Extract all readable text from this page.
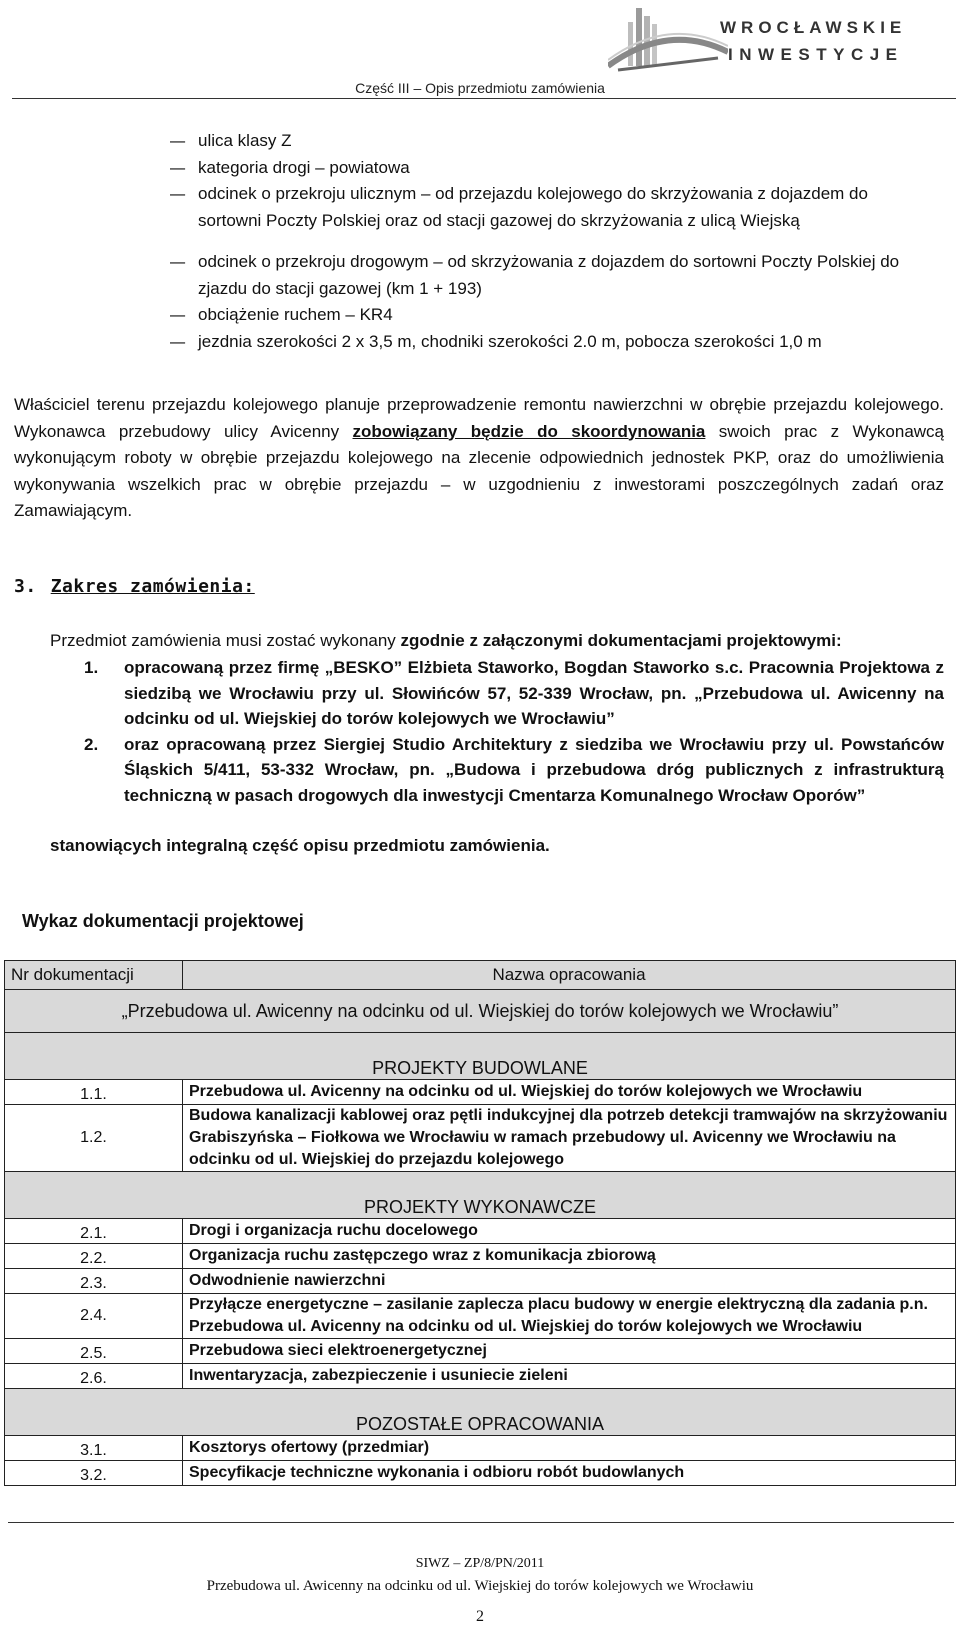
WROCŁAWSKIE
INWESTYCJE
Część III – Opis przedmiotu zamówienia
– ulica klasy Z
– kategoria drogi – powiatowa
– odcinek o przekroju ulicznym – od przejazdu kolejowego do skrzyżowania z dojazdem do sortowni Poczty Polskiej oraz od stacji gazowej do skrzyżowania z ulicą Wiejską
– odcinek o przekroju drogowym – od skrzyżowania z dojazdem do sortowni Poczty Polskiej do zjazdu do stacji gazowej (km 1 + 193)
– obciążenie ruchem – KR4
– jezdnia szerokości 2 x 3,5 m, chodniki szerokości 2.0 m, pobocza szerokości 1,0 m
Właściciel terenu przejazdu kolejowego planuje przeprowadzenie remontu nawierzchni w obrębie przejazdu kolejowego. Wykonawca przebudowy ulicy Avicenny zobowiązany będzie do skoordynowania swoich prac z Wykonawcą wykonującym roboty w obrębie przejazdu kolejowego na zlecenie odpowiednich jednostek PKP, oraz do umożliwienia wykonywania wszelkich prac w obrębie przejazdu – w uzgodnieniu z inwestorami poszczególnych zadań oraz Zamawiającym.
3. Zakres zamówienia:
Przedmiot zamówienia musi zostać wykonany zgodnie z załączonymi dokumentacjami projektowymi:
1.	opracowaną przez firmę „BESKO” Elżbieta Staworko, Bogdan Staworko s.c. Pracownia Projektowa z siedzibą we Wrocławiu przy ul. Słowińców 57, 52-339 Wrocław, pn. „Przebudowa ul. Awicenny na odcinku od ul. Wiejskiej do torów kolejowych we Wrocławiu”
2.	oraz opracowaną przez Siergiej Studio Architektury z siedziba we Wrocławiu przy ul. Powstańców Śląskich 5/411, 53-332 Wrocław, pn. „Budowa i przebudowa dróg publicznych z infrastrukturą techniczną w pasach drogowych dla inwestycji Cmentarza Komunalnego Wrocław Oporów”
stanowiących integralną część opisu przedmiotu zamówienia.
Wykaz dokumentacji projektowej
Nr dokumentacji	Nazwa opracowania
„Przebudowa ul. Awicenny na odcinku od ul. Wiejskiej do torów kolejowych we Wrocławiu”	
PROJEKTY BUDOWLANE	
1.1.	Przebudowa ul. Avicenny na odcinku od ul. Wiejskiej do torów kolejowych we Wrocławiu
1.2.	Budowa kanalizacji kablowej oraz pętli indukcyjnej dla potrzeb detekcji tramwajów na skrzyżowaniu Grabiszyńska – Fiołkowa we Wrocławiu w ramach przebudowy ul. Avicenny we Wrocławiu na odcinku od ul. Wiejskiej do przejazdu kolejowego
PROJEKTY WYKONAWCZE	
2.1.	Drogi i organizacja ruchu docelowego
2.2.	Organizacja ruchu zastępczego wraz z komunikacja zbiorową
2.3.	Odwodnienie nawierzchni
2.4.	Przyłącze energetyczne – zasilanie zaplecza placu budowy w energie elektryczną dla zadania p.n. Przebudowa ul. Avicenny na odcinku od ul. Wiejskiej do torów kolejowych we Wrocławiu
2.5.	Przebudowa sieci elektroenergetycznej
2.6.	Inwentaryzacja, zabezpieczenie i usuniecie zieleni
POZOSTAŁE OPRACOWANIA	
3.1.	Kosztorys ofertowy (przedmiar)
3.2.	Specyfikacje techniczne wykonania i odbioru robót budowlanych
SIWZ – ZP/8/PN/2011
Przebudowa ul. Awicenny na odcinku od ul. Wiejskiej do torów kolejowych we Wrocławiu
2
